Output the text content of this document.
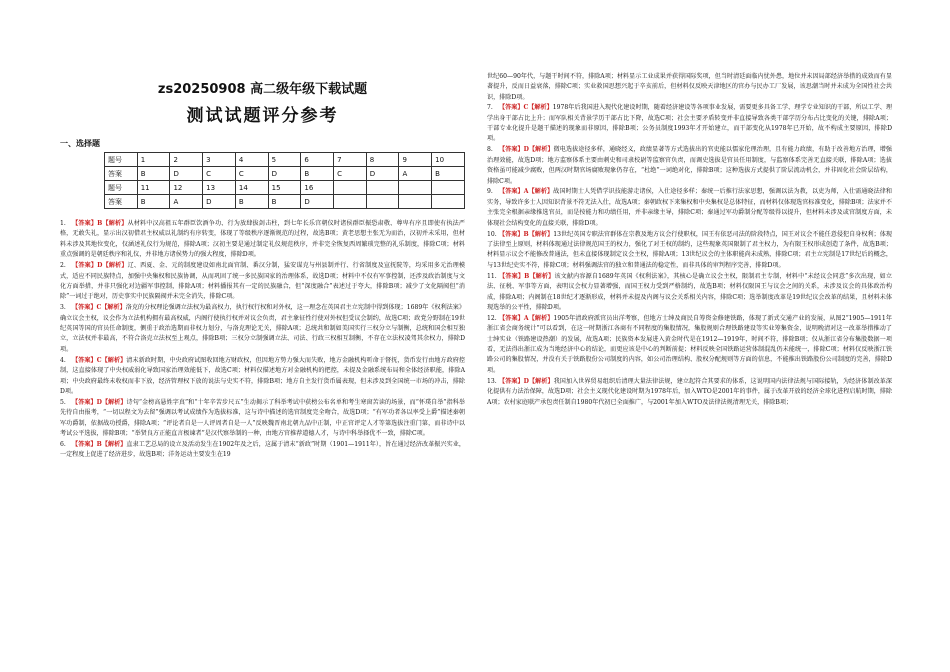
zs20250908 高二级年级下载试题
测试试题评分参考
一、选择题
题号	1	2	3	4	5	6	7	8	9	10
答案	B	D	C	C	D	B	C	D	A	B
题号	11	12	13	14	15	16				
答案	B	A	D	B	B	D				
1. 【答案】B【解析】从材料中汉高祖五年群臣饮酒争功、行为放肆拔剑击柱，到七年长乐宫朝仪时诸侯群臣振恐肃敬、尊卑有序且即使有执法严格，无敢失礼，显示出汉初借君主权威以礼制约有序转变，体现了等级秩序逐渐规范的过程，故选B项；黄老思想主张无为而治，汉初并未采用，但材料未涉及其地位变化，仅涵述礼仪行为规范，排除A项；汉初主要是通过制定礼仪规范秩序，并非完全恢复西周繁琐完整的礼乐制度，排除C项；材料重点强调的是朝廷秩序和礼仪，并非地方诸侯势力的强大程度，排除D项。
2. 【答案】D【解析】辽、西夏、金、元的制度建设如南北面官制、番汉分制，猛安谋克与州县制并行、行省制度及宣抚院等，均采用多元治理模式，适应不同民族特点，加强中央集权和民族协调，从而巩固了统一多民族国家的治理体系，故选D项；材料中不仅有军事控制，还涉及政治制度与文化方面举措，并非只强化对边疆军事控制，排除A项；材料播报其有一定的民族融合，但“深度融合”表述过于夸大，排除B项；减少了文化隔阂但“消除”一词过于绝对，历史事实中民族隔阂并未完全消失，排除C项。
3. 【答案】C【解析】洛克的分权理论强调立法权为最高权力，执行权行权和对外权，这一理念在英国君主立宪制中得到体现；1689年《权利法案》确立议会主权，议会作为立法机构拥有最高权威，内阁行使执行权并对议会负责，君主象征性行使对外权但受议会制约，故选C项；政党分野制在19世纪英国等国的官员任命制度，侧重于政治选期而非权力划分，与洛克理论无关，排除A项；总统共和制如美国实行三权分立与制衡，总统和国会相互独立，立法权并非最高，不符合洛克立法权至上观点，排除B项；三权分立制强调立法、司法、行政三权相互制衡，不存在立法权凌驾其余权力，排除D项。
4. 【答案】C【解析】清末新政时期，中央政府试图收回地方财政权，但因地方势力强大而失败，地方金融机构听命于督抚，货币发行由地方政府控制，这直接体现了中央权威弱化导致国家治理效能低下，故选C项；材料仅描述地方对金融机构的把控，未提及金融系统布局和全体经济职能，排除A项；中央政府最终未收权而非下放，经济管理权下放的说法与史实不符，排除B项；地方自主发行货币属表现，但未涉及到全国统一市场的冲击，排除D项。
5. 【答案】D【解析】诗句“金榜高悬姓字真”和“十年辛苦步尺五”生动揭示了科举考试中获榜公布名单和考生寒窗苦读的场景，而“怀璞自举”指科举先待自由报考，“一切以程文为去留”强调以考试成绩作为选拔标准，这与诗中描述的选官制度完全吻合，故选D项；“有军功者各以率受上爵”描述秦朝军功爵制，依据战功授爵，排除A项；“评论者自是一人评周者自是一人”反映魏晋南北朝九品中正制，中正官评定人才等第选拔注重门第，而非诗中以考试公平选拔，排除B项；“举贤良方正能直言极谏者”是汉代察举制的一种，由地方官推荐道德人才，与诗中科举择优不一致，排除C项。
6. 【答案】B【解析】直隶工艺总局的设立及活动发生在1902年及之后，这属于清末“新政”时期（1901—1911年），旨在通过经济改革振兴实业，一定程度上促进了经济进步，故选B项；洋务运动主要发生在19
世纪60—90年代，与题干时间不符，排除A项；材料显示工业成果并获得国际奖项，但当时清廷面临内忧外患，地位并未因局部经济举措的成效而有显著提升，反而日益衰落，排除C项；实业救国思想兴起于辛亥前后，但材料仅反映天津地区的官办与民办工厂发展，该思潮当时并未成为全国性社会共识，排除D项。
7. 【答案】C【解析】1978年后我国进入现代化建设时期，随着经济建设等各项事业发展，需要更多具备工学、理学专业知识的干部，所以工学、理学出身干部占比上升；而军队相关背景学历干部占比下降，故选C项；社会主要矛盾转变并非直接导致各类干部学历分布占比变化的关键，排除A项；干部专业化提升是题干描述的现象而非原因，排除B项；公务员制度1993年才开始建立，而干部变化从1978年已开始，故不构成主要原因，排除D项。
8. 【答案】D【解析】微电选拔途径多样，通晓经义，政绩显著等方式选拔出的官吏能以儒家伦理治理，且有能力政绩，有助于改善地方治理，增强治理效能，故选D项；地方监察体系主要由刺史和司隶校尉等监察官负责，而调史选拔是官员任用制度，与监察体系完善无直接关联，排除A项；选拔资格虽可能减少腐败，但两汉时期官场腐败现象仍存在，“杜绝”一词绝对化，排除B项；这种选拔方式提供了阶层流动机会，并非固化社会阶层结构，排除C项。
9. 【答案】A【解析】战国时期士人凭借学识技能游走诸侯，入仕途径多样；秦统一后推行法家思想，强调以法为教，以吏为师，入仕需通晓法律和实务，导致许多士人因知识背景不符无法入仕，故选A项；秦朝政权下来集权和中央集权是总体特征，而材料仅体现选官标准变化，排除B项；法家并不主张完全根据亲缘推选官员，而是按能力和功绩任用，并非亲缘主导，排除C项；秦通过军功爵制分配等级得以提升，但材料未涉及或官制度方面，未体现社会结构变化的直接关联，排除D项。
10. 【答案】B【解析】13世纪英国专职法官群体在宗教及地方议会行使职权，国王有依恶司法的阶段特点，国王对议会不能任意侵犯自身权利；体现了法律至上原则，材料体现通过法律规范国王的权力，强化了对王权的制约，这些现象英国限制了君主权力，为有限王权形成创造了条件，故选B项；材料显示议会不能修改普通法，但未直接体现制定议会主权，排除A项；13世纪议会的主体职能尚未成熟，排除C项；君主立宪制是17世纪后的概念，与13世纪史实不符，排除C项；材料强调法官的独立和普通法的稳定性，而非具体的审判程序完善，排除D项。
11. 【答案】B【解析】该文献内容源自1689年英国《权利法案》，其核心是确立议会主权，限制君主专制，材料中“未经议会同意”多次出现，如立法、征税、军事等方面，表明议会权力显著增强，而国王权力受到严格制约，故选B项；材料仅限国王与议会之间的关系，未涉及议会的具体政治构成，排除A项；内阁制在18世纪才逐渐形成，材料并未提及内阁与议会关系相关内容，排除C项；选举制度改革是19世纪议会改革的结果，且材料未体现选举的公平性，排除D项。
12. 【答案】A【解析】1905年清政府派官员出洋考察，但地方士绅及商民自筹资金修建铁路，体现了新式交通产业的发展，从图2“1905—1911年浙江省会商务统计”可以看到，在这一时期浙江各商有不同程度的集股情况，集股规则合理铁路建设等实业筹集资金，说明晚清对这一改革举措推动了士绅实业（铁路建设热潮）的发展，故选A项；民族资本发展进入黄金时代是在1912—1919年，时间不符，排除B项；仅从浙江省分布集股数据一项看，无法得出浙江成为当地经济中心的结论，而更应该是中心的判断前提；材料反映全国铁路运营体制混乱仍未能统一，排除C项；材料仅反映浙江铁路公司的集股情况，并没有关于铁路股份公司制度的内容，如公司治理结构、股权分配规则等方面的信息，不能推出铁路股份公司制度的完善，排除D项。
13. 【答案】D【解析】我国加入世界贸易组织后清理大量法律法规，建立起符合其要求的体系，这说明国内法律法规与国际接轨，为经济体制改革深化提供有力法治保障，故选D项；社会主义现代化建设时期为1978年后，加入WTO是2001年的事件，属于改革开放的经济全球化进程启航时期，排除A项；农村家庭联产承包责任制自1980年代初已全面推广，与2001年加入WTO及法律法规清理无关，排除B项；
